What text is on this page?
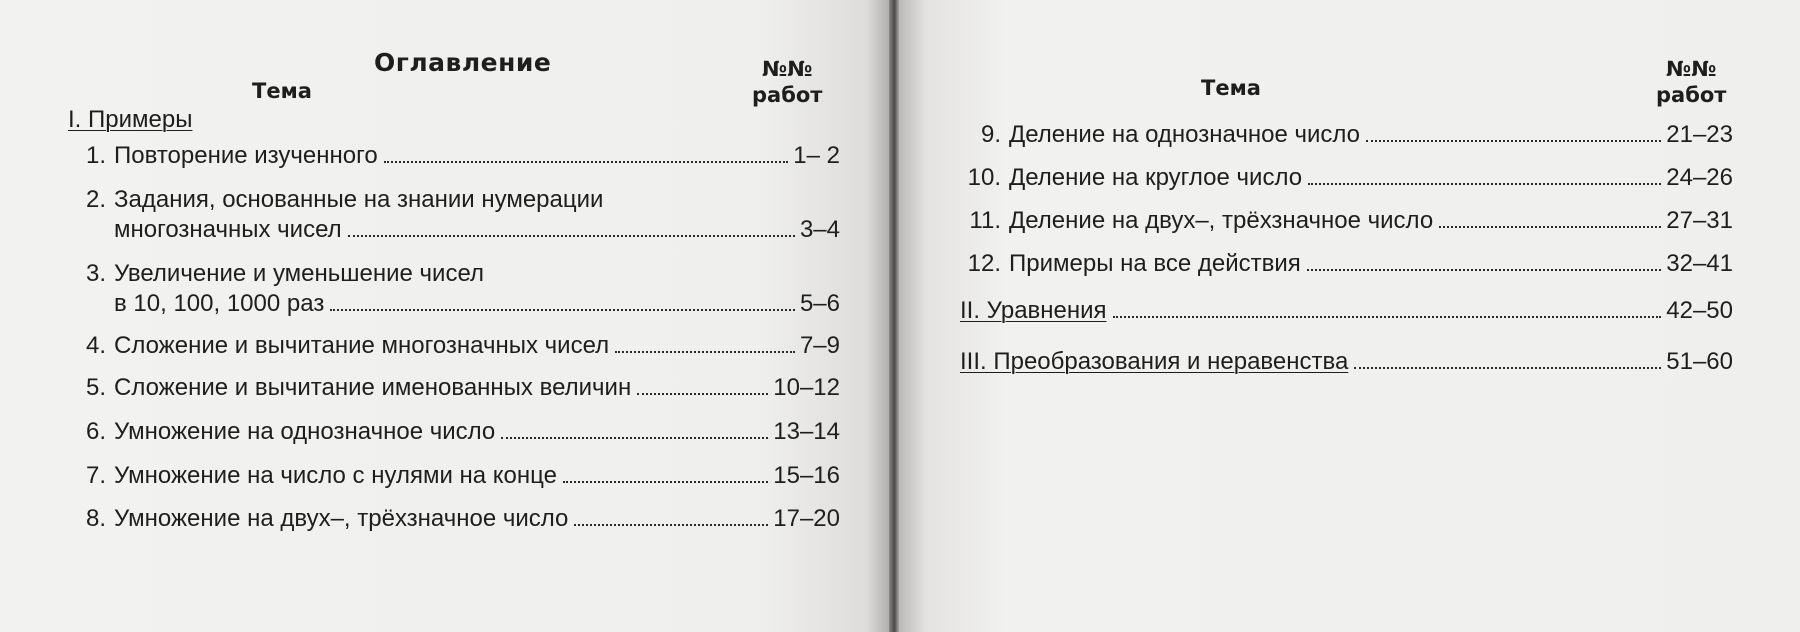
Оглавление
Тема
№№
работ
I. Примеры
1. Повторение изученного	1– 2
2. Задания, основанные на знании нумерации
многозначных чисел	3–4
3. Увеличение и уменьшение чисел
в 10, 100, 1000 раз	5–6
4. Сложение и вычитание многозначных чисел	7–9
5. Сложение и вычитание именованных величин	10–12
6. Умножение на однозначное число	13–14
7. Умножение на число с нулями на конце	15–16
8. Умножение на двух–, трёхзначное число	17–20
Тема
№№
работ
9. Деление на однозначное число	21–23
10. Деление на круглое число	24–26
11. Деление на двух–, трёхзначное число	27–31
12. Примеры на все действия	32–41
II. Уравнения	42–50
III. Преобразования и неравенства	51–60
